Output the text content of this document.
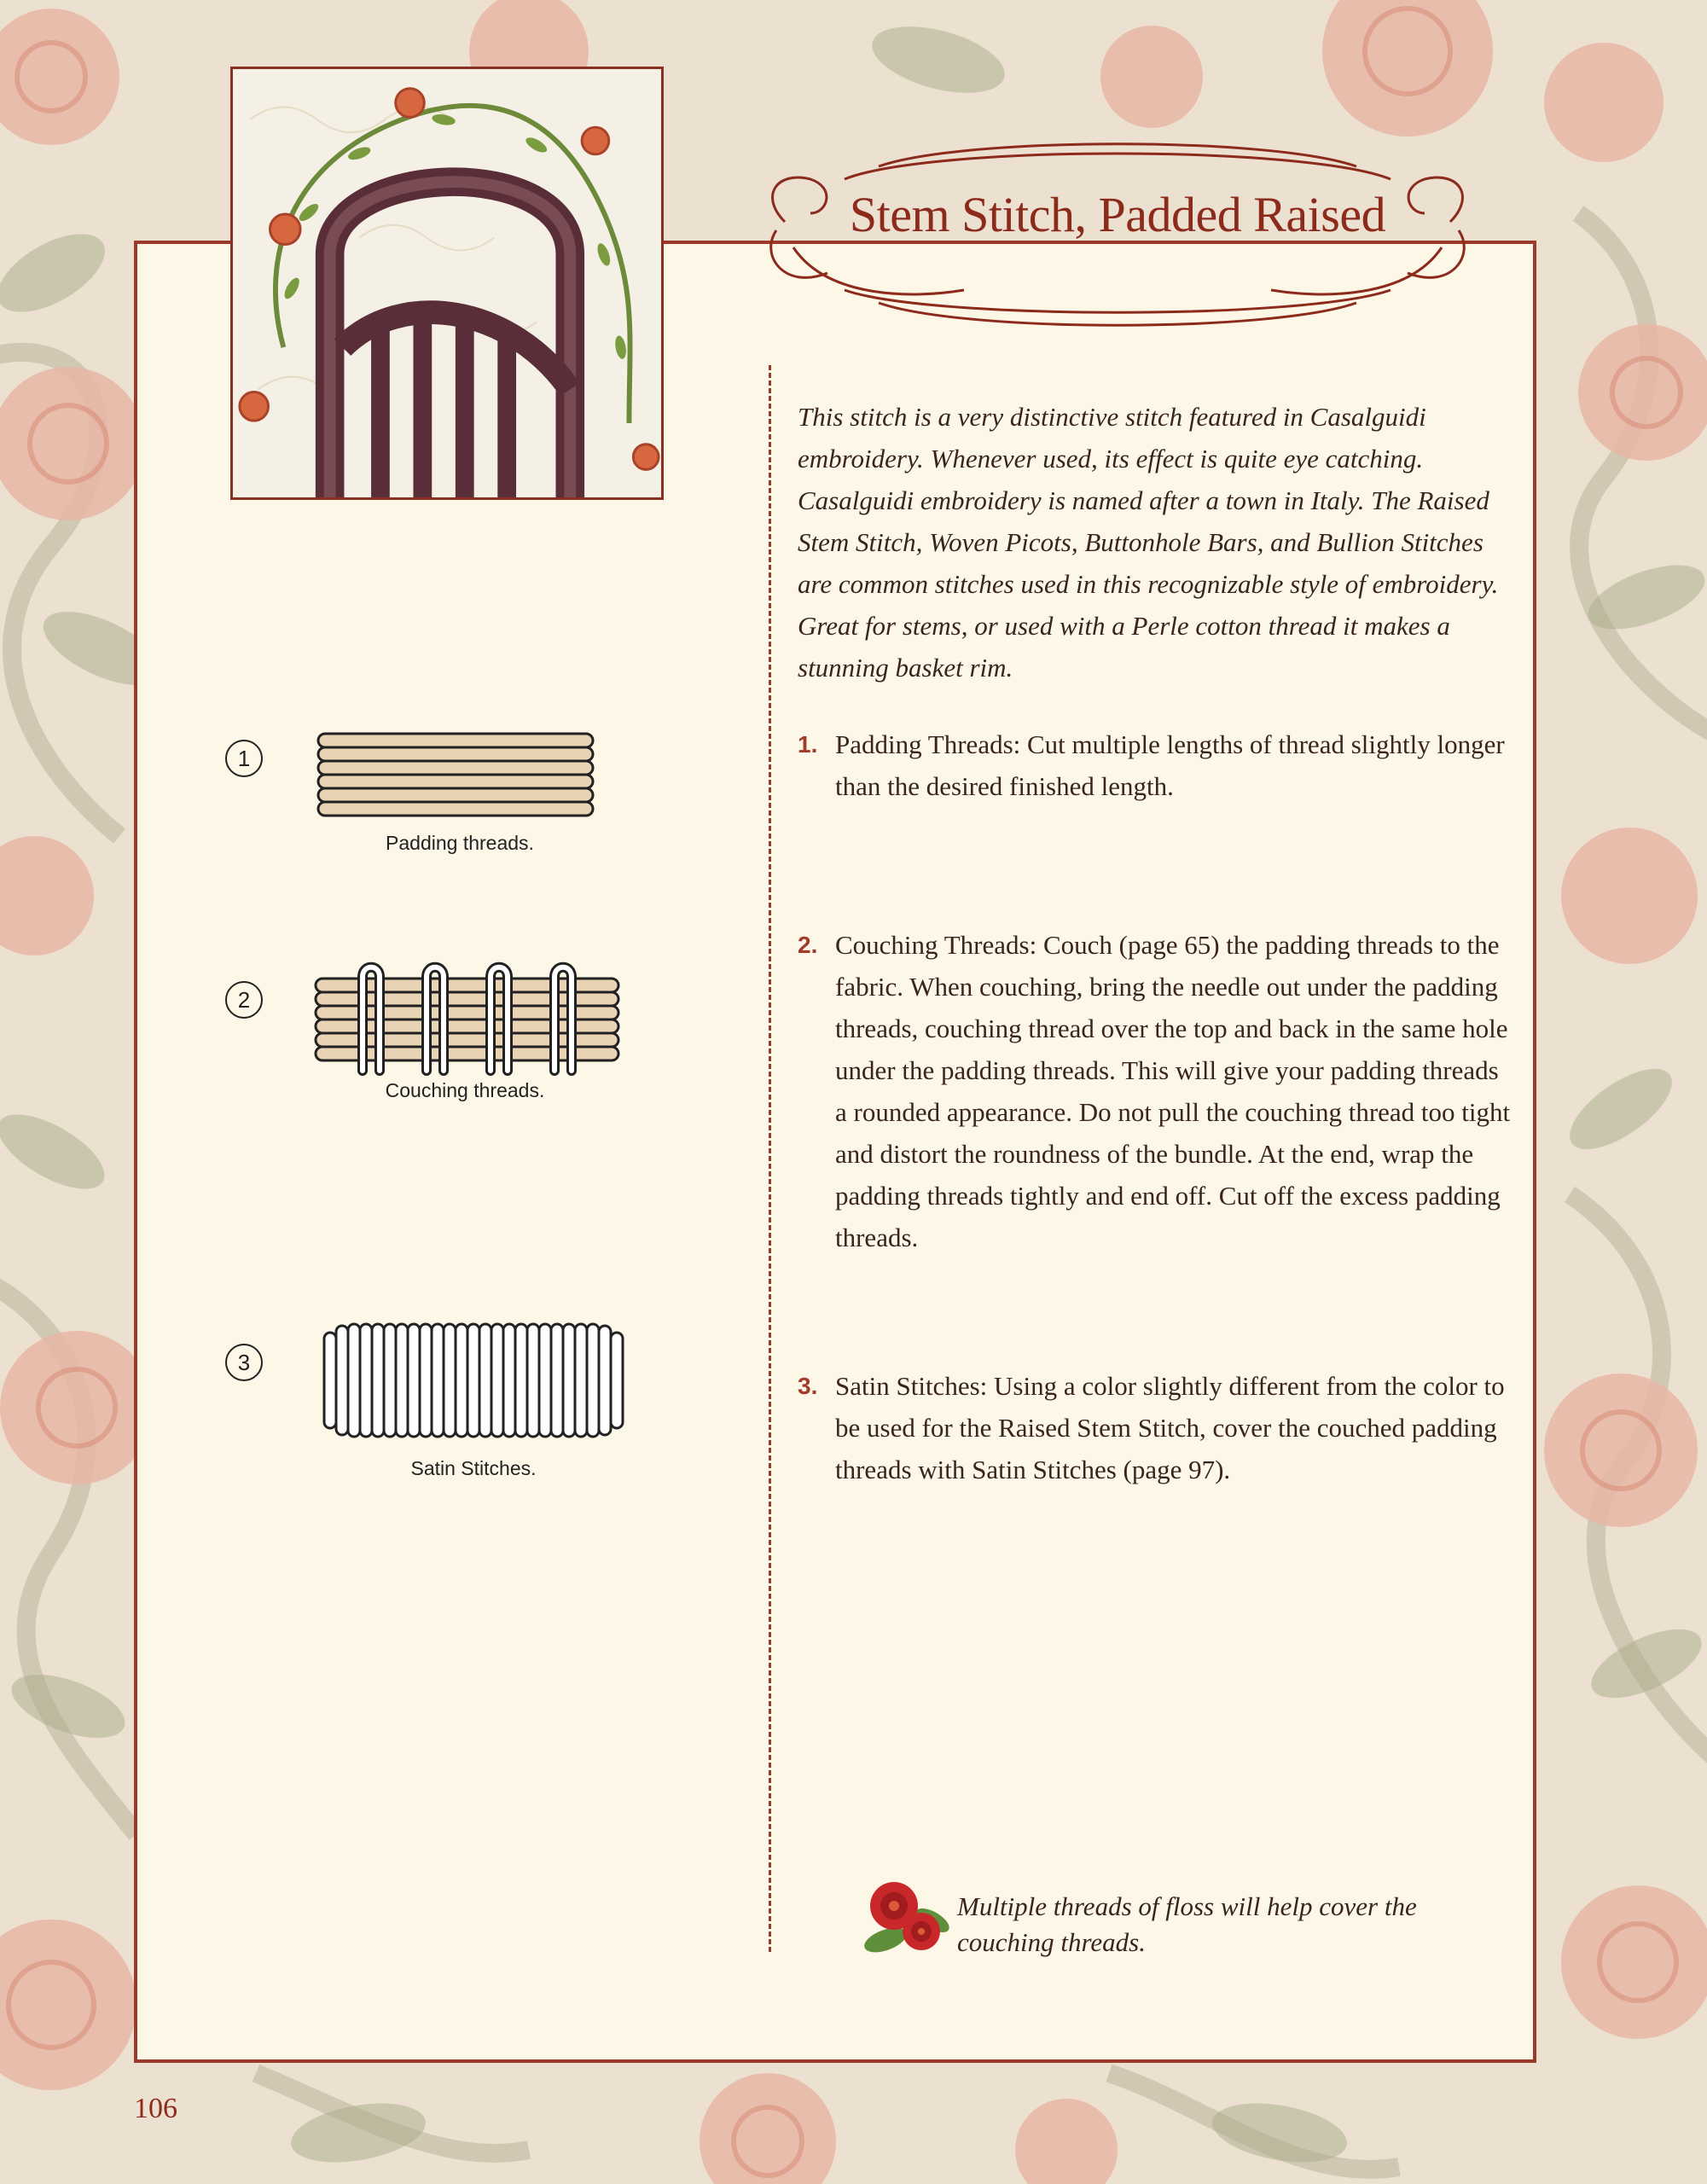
Stem Stitch, Padded Raised
This stitch is a very distinctive stitch featured in Casalguidi embroidery. Whenever used, its effect is quite eye catching. Casalguidi embroidery is named after a town in Italy. The Raised Stem Stitch, Woven Picots, Buttonhole Bars, and Bullion Stitches are common stitches used in this recognizable style of embroidery. Great for stems, or used with a Perle cotton thread it makes a stunning basket rim.
1. Padding Threads: Cut multiple lengths of thread slightly longer than the desired finished length.
2. Couching Threads: Couch (page 65) the padding threads to the fabric. When couching, bring the needle out under the padding threads, couching thread over the top and back in the same hole under the padding threads. This will give your padding threads a rounded appearance. Do not pull the couching thread too tight and distort the roundness of the bundle. At the end, wrap the padding threads tightly and end off. Cut off the excess padding threads.
3. Satin Stitches: Using a color slightly different from the color to be used for the Raised Stem Stitch, cover the couched padding threads with Satin Stitches (page 97).
1
Padding threads.
2
Couching threads.
3
Satin Stitches.
Multiple threads of floss will help cover the couching threads.
106
